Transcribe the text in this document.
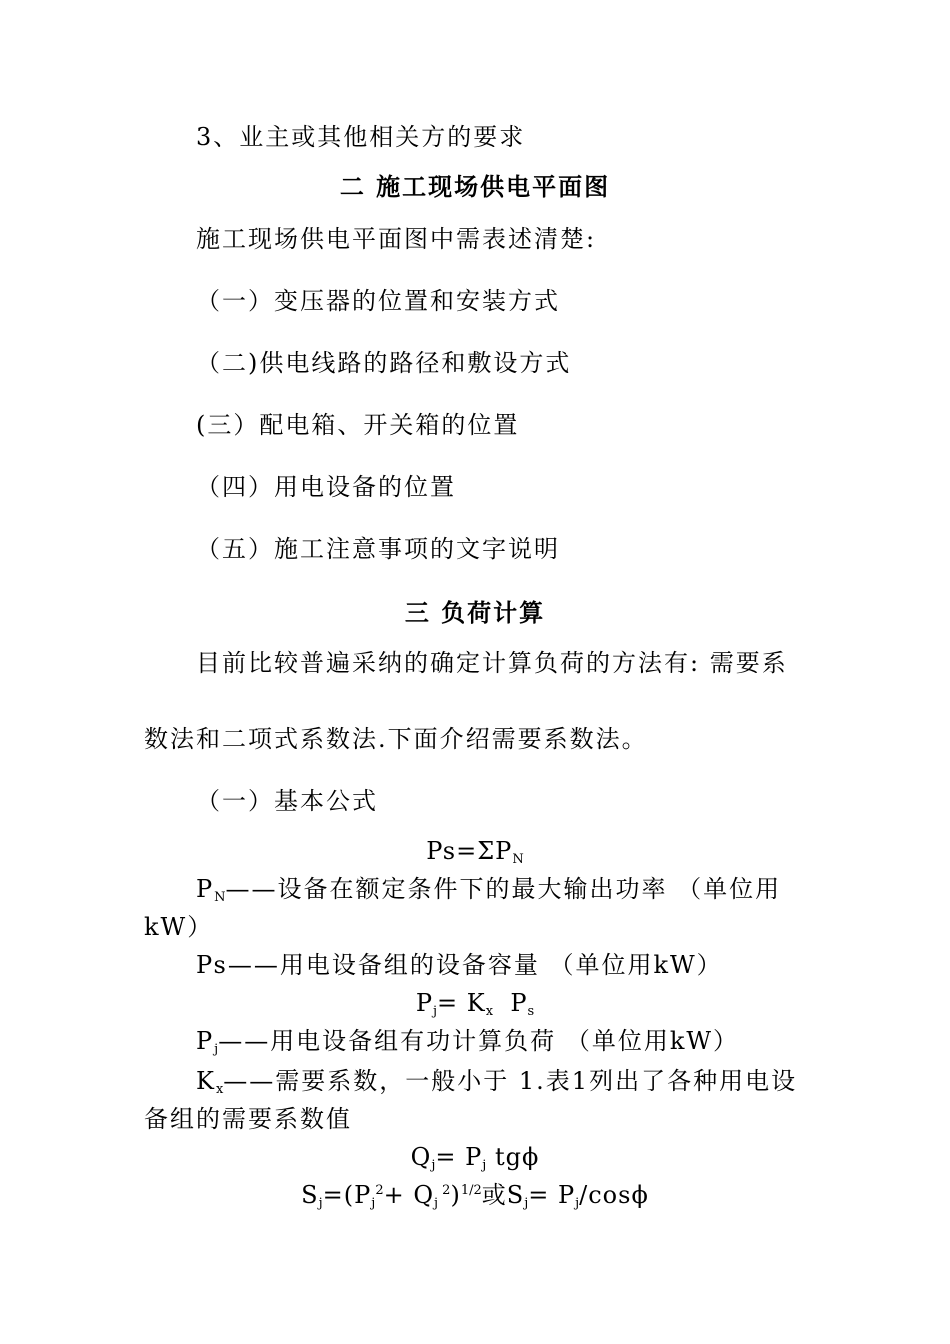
3、业主或其他相关方的要求
二 施工现场供电平面图
施工现场供电平面图中需表述清楚:
（一）变压器的位置和安装方式
（二)供电线路的路径和敷设方式
(三）配电箱、开关箱的位置
（四）用电设备的位置
（五）施工注意事项的文字说明
三 负荷计算
目前比较普遍采纳的确定计算负荷的方法有: 需要系
数法和二项式系数法.下面介绍需要系数法。
（一）基本公式
$Ps=\Sigma P_N$
$P_N——$设备在额定条件下的最大输出功率 （单位用
kW）
Ps——用电设备组的设备容量 （单位用kW）
$P_j= K_x$ $P_s$
$P_j——$用电设备组有功计算负荷 （单位用kW）
$K_x——$需要系数，一般小于 1.表1列出了各种用电设
备组的需要系数值
$Q_j= P_j$ tgϕ
$S_j=(P_j^2+ Q_j$ $^2$)$^{1/2}$或$S_j= P_j/\cos\phi$
